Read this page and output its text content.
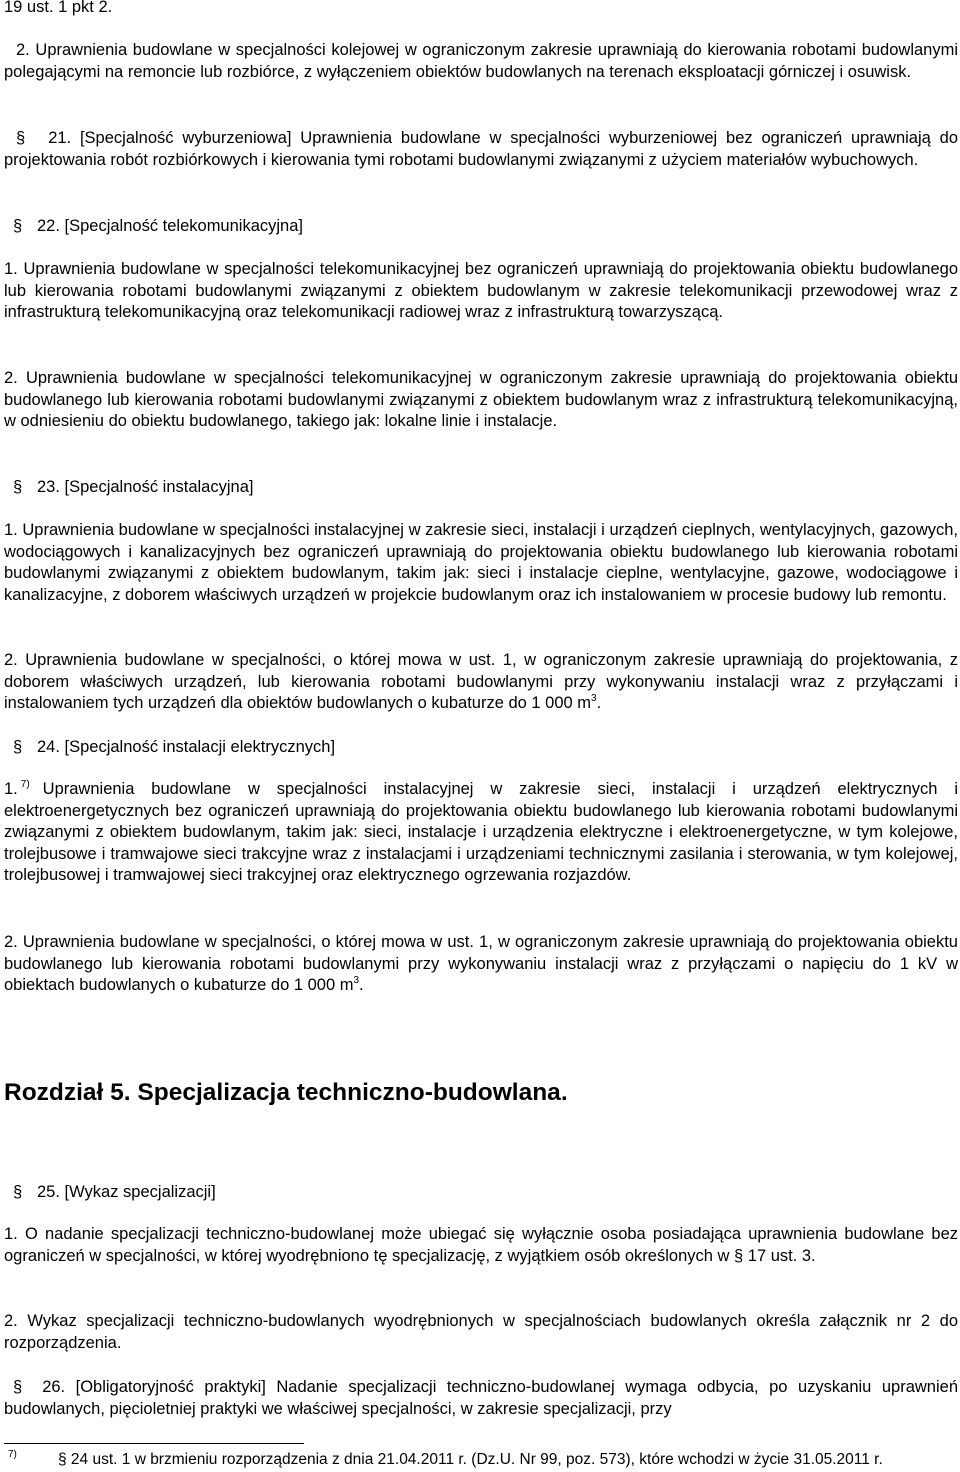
19 ust. 1 pkt 2.

2. Uprawnienia budowlane w specjalności kolejowej w ograniczonym zakresie uprawniają do kierowania robotami budowlanymi polegającymi na remoncie lub rozbiórce, z wyłączeniem obiektów budowlanych na terenach eksploatacji górniczej i osuwisk.

§ 21. [Specjalność wyburzeniowa] Uprawnienia budowlane w specjalności wyburzeniowej bez ograniczeń uprawniają do projektowania robót rozbiórkowych i kierowania tymi robotami budowlanymi związanymi z użyciem materiałów wybuchowych.

§ 22. [Specjalność telekomunikacyjna]

1. Uprawnienia budowlane w specjalności telekomunikacyjnej bez ograniczeń uprawniają do projektowania obiektu budowlanego lub kierowania robotami budowlanymi związanymi z obiektem budowlanym w zakresie telekomunikacji przewodowej wraz z infrastrukturą telekomunikacyjną oraz telekomunikacji radiowej wraz z infrastrukturą towarzyszącą.

2. Uprawnienia budowlane w specjalności telekomunikacyjnej w ograniczonym zakresie uprawniają do projektowania obiektu budowlanego lub kierowania robotami budowlanymi związanymi z obiektem budowlanym wraz z infrastrukturą telekomunikacyjną, w odniesieniu do obiektu budowlanego, takiego jak: lokalne linie i instalacje.

§ 23. [Specjalność instalacyjna]

1. Uprawnienia budowlane w specjalności instalacyjnej w zakresie sieci, instalacji i urządzeń cieplnych, wentylacyjnych, gazowych, wodociągowych i kanalizacyjnych bez ograniczeń uprawniają do projektowania obiektu budowlanego lub kierowania robotami budowlanymi związanymi z obiektem budowlanym, takim jak: sieci i instalacje cieplne, wentylacyjne, gazowe, wodociągowe i kanalizacyjne, z doborem właściwych urządzeń w projekcie budowlanym oraz ich instalowaniem w procesie budowy lub remontu.

2. Uprawnienia budowlane w specjalności, o której mowa w ust. 1, w ograniczonym zakresie uprawniają do projektowania, z doborem właściwych urządzeń, lub kierowania robotami budowlanymi przy wykonywaniu instalacji wraz z przyłączami i instalowaniem tych urządzeń dla obiektów budowlanych o kubaturze do 1 000 $m^3$.

§ 24. [Specjalność instalacji elektrycznych]

1. $^{7)}$ Uprawnienia budowlane w specjalności instalacyjnej w zakresie sieci, instalacji i urządzeń elektrycznych i elektroenergetycznych bez ograniczeń uprawniają do projektowania obiektu budowlanego lub kierowania robotami budowlanymi związanymi z obiektem budowlanym, takim jak: sieci, instalacje i urządzenia elektryczne i elektroenergetyczne, w tym kolejowe, trolejbusowe i tramwajowe sieci trakcyjne wraz z instalacjami i urządzeniami technicznymi zasilania i sterowania, w tym kolejowej, trolejbusowej i tramwajowej sieci trakcyjnej oraz elektrycznego ogrzewania rozjazdów.

2. Uprawnienia budowlane w specjalności, o której mowa w ust. 1, w ograniczonym zakresie uprawniają do projektowania obiektu budowlanego lub kierowania robotami budowlanymi przy wykonywaniu instalacji wraz z przyłączami o napięciu do 1 kV w obiektach budowlanych o kubaturze do 1 000 $m^3$.

Rozdział 5. Specjalizacja techniczno-budowlana.

§ 25. [Wykaz specjalizacji]

1. O nadanie specjalizacji techniczno-budowlanej może ubiegać się wyłącznie osoba posiadająca uprawnienia budowlane bez ograniczeń w specjalności, w której wyodrębniono tę specjalizację, z wyjątkiem osób określonych w § 17 ust. 3.

2. Wykaz specjalizacji techniczno-budowlanych wyodrębnionych w specjalnościach budowlanych określa załącznik nr 2 do rozporządzenia.

§ 26. [Obligatoryjność praktyki] Nadanie specjalizacji techniczno-budowlanej wymaga odbycia, po uzyskaniu uprawnień budowlanych, pięcioletniej praktyki we właściwej specjalności, w zakresie specjalizacji, przy

7)	§ 24 ust. 1 w brzmieniu rozporządzenia z dnia 21.04.2011 r. (Dz.U. Nr 99, poz. 573), które wchodzi w życie 31.05.2011 r.
